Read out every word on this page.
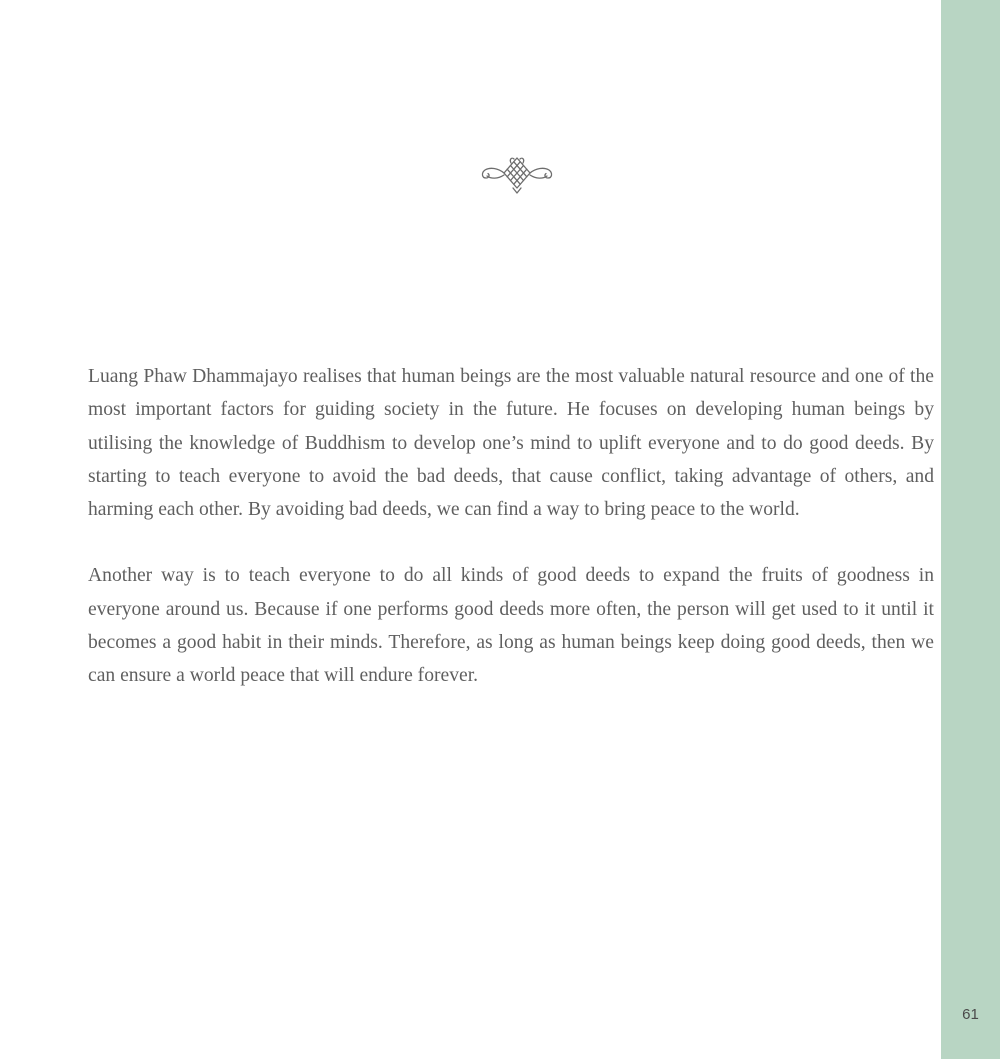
Luang Phaw Dhammajayo realises that human beings are the most valuable natural resource and one of the most important factors for guiding society in the future. He focuses on developing human beings by utilising the knowledge of Buddhism to develop one’s mind to uplift everyone and to do good deeds. By starting to teach everyone to avoid the bad deeds, that cause conflict, taking advantage of others, and harming each other. By avoiding bad deeds, we can find a way to bring peace to the world.

Another way is to teach everyone to do all kinds of good deeds to expand the fruits of goodness in everyone around us. Because if one performs good deeds more often, the person will get used to it until it becomes a good habit in their minds. Therefore, as long as human beings keep doing good deeds, then we can ensure a world peace that will endure forever.

61
